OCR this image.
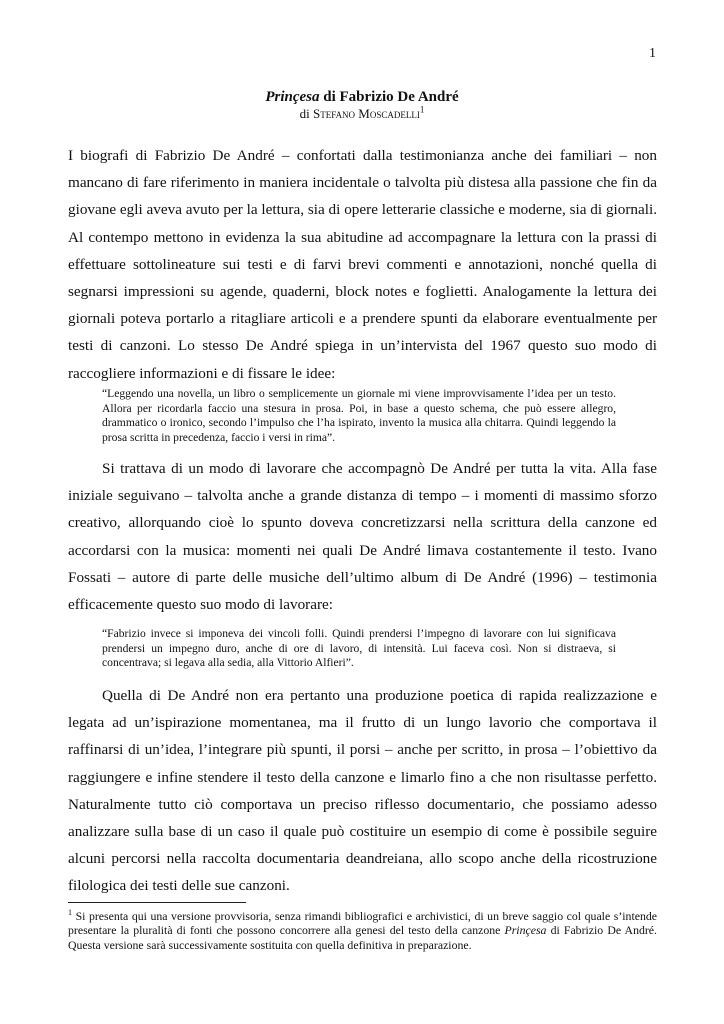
1
Prinçesa di Fabrizio De André
di Stefano Moscadelli$^1$

I biografi di Fabrizio De André – confortati dalla testimonianza anche dei familiari – non mancano di fare riferimento in maniera incidentale o talvolta più distesa alla passione che fin da giovane egli aveva avuto per la lettura, sia di opere letterarie classiche e moderne, sia di giornali. Al contempo mettono in evidenza la sua abitudine ad accompagnare la lettura con la prassi di effettuare sottolineature sui testi e di farvi brevi commenti e annotazioni, nonché quella di segnarsi impressioni su agende, quaderni, block notes e foglietti. Analogamente la lettura dei giornali poteva portarlo a ritagliare articoli e a prendere spunti da elaborare eventualmente per testi di canzoni. Lo stesso De André spiega in un’intervista del 1967 questo suo modo di raccogliere informazioni e di fissare le idee:

“Leggendo una novella, un libro o semplicemente un giornale mi viene improvvisamente l’idea per un testo. Allora per ricordarla faccio una stesura in prosa. Poi, in base a questo schema, che può essere allegro, drammatico o ironico, secondo l’impulso che l’ha ispirato, invento la musica alla chitarra. Quindi leggendo la prosa scritta in precedenza, faccio i versi in rima”.

Si trattava di un modo di lavorare che accompagnò De André per tutta la vita. Alla fase iniziale seguivano – talvolta anche a grande distanza di tempo – i momenti di massimo sforzo creativo, allorquando cioè lo spunto doveva concretizzarsi nella scrittura della canzone ed accordarsi con la musica: momenti nei quali De André limava costantemente il testo. Ivano Fossati – autore di parte delle musiche dell’ultimo album di De André (1996) – testimonia efficacemente questo suo modo di lavorare:

“Fabrizio invece si imponeva dei vincoli folli. Quindi prendersi l’impegno di lavorare con lui significava prendersi un impegno duro, anche di ore di lavoro, di intensità. Lui faceva così. Non si distraeva, si concentrava; si legava alla sedia, alla Vittorio Alfieri”.

Quella di De André non era pertanto una produzione poetica di rapida realizzazione e legata ad un’ispirazione momentanea, ma il frutto di un lungo lavorio che comportava il raffinarsi di un’idea, l’integrare più spunti, il porsi – anche per scritto, in prosa – l’obiettivo da raggiungere e infine stendere il testo della canzone e limarlo fino a che non risultasse perfetto. Naturalmente tutto ciò comportava un preciso riflesso documentario, che possiamo adesso analizzare sulla base di un caso il quale può costituire un esempio di come è possibile seguire alcuni percorsi nella raccolta documentaria deandreiana, allo scopo anche della ricostruzione filologica dei testi delle sue canzoni.

$^1$ Si presenta qui una versione provvisoria, senza rimandi bibliografici e archivistici, di un breve saggio col quale s’intende presentare la pluralità di fonti che possono concorrere alla genesi del testo della canzone Prinçesa di Fabrizio De André. Questa versione sarà successivamente sostituita con quella definitiva in preparazione.
